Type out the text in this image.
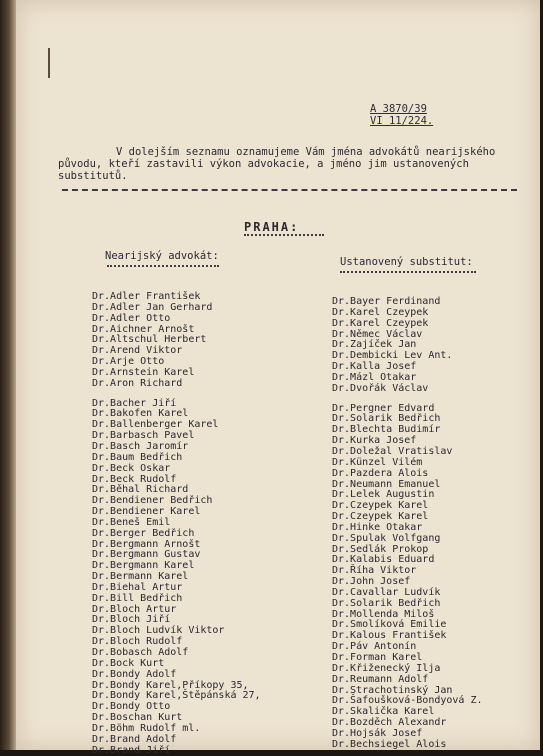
A 3870/39
VI 11/224.
V dolejším seznamu oznamujeme Vám jména advokátů nearijského
původu, kteří zastavili výkon advokacie, a jméno jim ustanovených
substitutů.
PRAHA:
Nearijský advokát:	Ustanovený substitut:
Dr.Adler František
Dr.Adler Jan Gerhard
Dr.Adler Otto
Dr.Aichner Arnošt
Dr.Altschul Herbert
Dr.Arend Viktor
Dr.Arje Otto
Dr.Arnstein Karel
Dr.Aron Richard
Dr.Bacher Jiří
Dr.Bakofen Karel
Dr.Ballenberger Karel
Dr.Barbasch Pavel
Dr.Basch Jaromír
Dr.Baum Bedřich
Dr.Beck Oskar
Dr.Beck Rudolf
Dr.Běhal Richard
Dr.Bendiener Bedřich
Dr.Bendiener Karel
Dr.Beneš Emil
Dr.Berger Bedřich
Dr.Bergmann Arnošt
Dr.Bergmann Gustav
Dr.Bergmann Karel
Dr.Bermann Karel
Dr.Biehal Artur
Dr.Bill Bedřich
Dr.Bloch Artur
Dr.Bloch Jiří
Dr.Bloch Ludvík Viktor
Dr.Bloch Rudolf
Dr.Bobasch Adolf
Dr.Bock Kurt
Dr.Bondy Adolf
Dr.Bondy Karel,Příkopy 35,
Dr.Bondy Karel,Štěpánská 27,
Dr.Bondy Otto
Dr.Boschan Kurt
Dr.Böhm Rudolf ml.
Dr.Brand Adolf
Dr.Brand Jiří
Dr.Bayer Ferdinand
Dr.Karel Czeypek
Dr.Karel Czeypek
Dr.Němec Václav
Dr.Zajíček Jan
Dr.Dembicki Lev Ant.
Dr.Kalla Josef
Dr.Mázl Otakar
Dr.Dvořák Václav
Dr.Pergner Edvard
Dr.Solarik Bedřich
Dr.Blechta Budimír
Dr.Kurka Josef
Dr.Doležal Vratislav
Dr.Künzel Vilém
Dr.Pazdera Alois
Dr.Neumann Emanuel
Dr.Lelek Augustin
Dr.Czeypek Karel
Dr.Czeypek Karel
Dr.Hinke Otakar
Dr.Spulak Volfgang
Dr.Sedlák Prokop
Dr.Kalabis Eduard
Dr.Říha Viktor
Dr.John Josef
Dr.Cavallar Ludvík
Dr.Solarik Bedřich
Dr.Mollenda Miloš
Dr.Smolíková Emilie
Dr.Kalous František
Dr.Páv Antonín
Dr.Forman Karel
Dr.Křiženecký Ilja
Dr.Reumann Adolf
Dr.Strachotinský Jan
Dr.Šafoušková-Bondyová Z.
Dr.Skalička Karel
Dr.Bozděch Alexandr
Dr.Hojsák Josef
Dr.Bechsiegel Alois
